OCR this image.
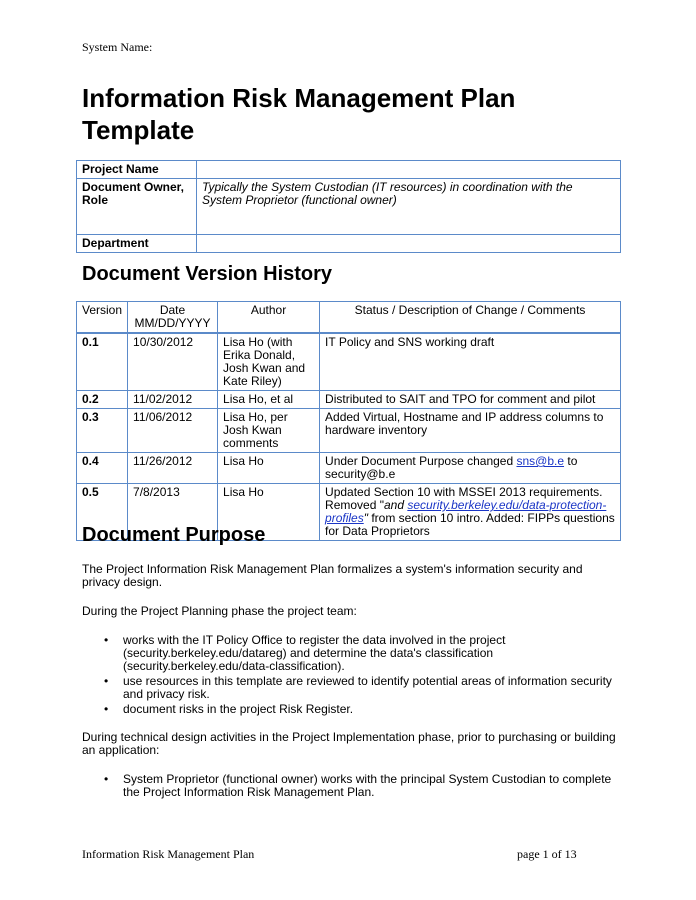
System Name:
Information Risk Management Plan Template
Project Name	
Document Owner, Role	Typically the System Custodian (IT resources) in coordination with the System Proprietor (functional owner)
Department	
Document Version History
Version	Date MM/DD/YYYY	Author	Status / Description of Change / Comments
0.1	10/30/2012	Lisa Ho (with Erika Donald, Josh Kwan and Kate Riley)	IT Policy and SNS working draft
0.2	11/02/2012	Lisa Ho, et al	Distributed to SAIT and TPO for comment and pilot
0.3	11/06/2012	Lisa Ho, per Josh Kwan comments	Added Virtual, Hostname and IP address columns to hardware inventory
0.4	11/26/2012	Lisa Ho	Under Document Purpose changed sns@b.e to security@b.e
0.5	7/8/2013	Lisa Ho	Updated Section 10 with MSSEI 2013 requirements. Removed "and security.berkeley.edu/data-protection-profiles" from section 10 intro. Added: FIPPs questions for Data Proprietors
Document Purpose
The Project Information Risk Management Plan formalizes a system's information security and privacy design.
During the Project Planning phase the project team:
• works with the IT Policy Office to register the data involved in the project (security.berkeley.edu/datareg) and determine the data's classification (security.berkeley.edu/data-classification).
• use resources in this template are reviewed to identify potential areas of information security and privacy risk.
• document risks in the project Risk Register.
During technical design activities in the Project Implementation phase, prior to purchasing or building an application:
• System Proprietor (functional owner) works with the principal System Custodian to complete the Project Information Risk Management Plan.
Information Risk Management Plan	page 1 of 13
